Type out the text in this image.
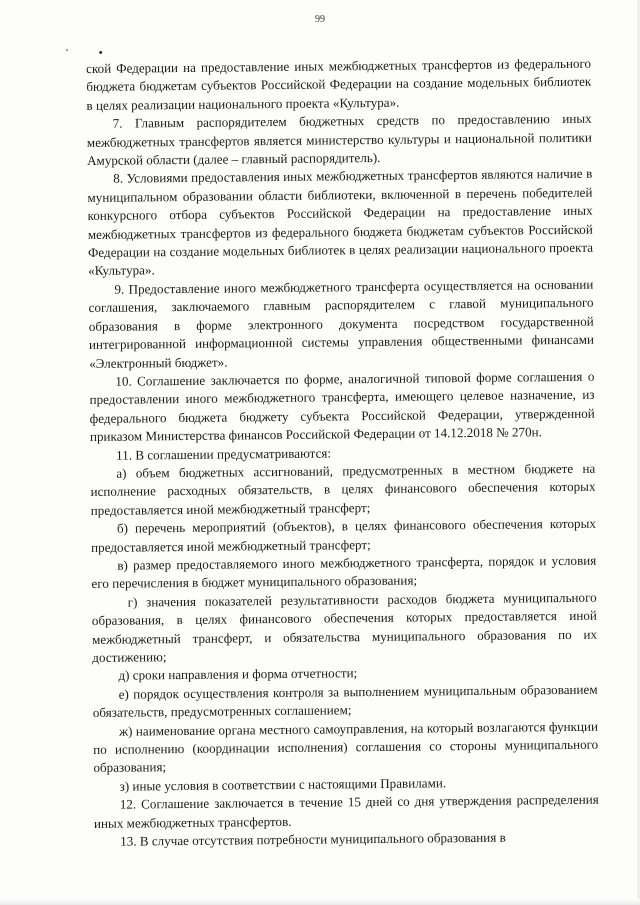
99
'	•

ской Федерации на предоставление иных межбюджетных трансфертов из федерального бюджета бюджетам субъектов Российской Федерации на создание модельных библиотек в целях реализации национального проекта «Культура».

7. Главным распорядителем бюджетных средств по предоставлению иных межбюджетных трансфертов является министерство культуры и национальной политики Амурской области (далее – главный распорядитель).

8. Условиями предоставления иных межбюджетных трансфертов являются наличие в муниципальном образовании области библиотеки, включенной в перечень победителей конкурсного отбора субъектов Российской Федерации на предоставление иных межбюджетных трансфертов из федерального бюджета бюджетам субъектов Российской Федерации на создание модельных библиотек в целях реализации национального проекта «Культура».

9. Предоставление иного межбюджетного трансферта осуществляется на основании соглашения, заключаемого главным распорядителем с главой муниципального образования в форме электронного документа посредством государственной интегрированной информационной системы управления общественными финансами «Электронный бюджет».

10. Соглашение заключается по форме, аналогичной типовой форме соглашения о предоставлении иного межбюджетного трансферта, имеющего целевое назначение, из федерального бюджета бюджету субъекта Российской Федерации, утвержденной приказом Министерства финансов Российской Федерации от 14.12.2018 № 270н.

11. В соглашении предусматриваются:

а) объем бюджетных ассигнований, предусмотренных в местном бюджете на исполнение расходных обязательств, в целях финансового обеспечения которых предоставляется иной межбюджетный трансферт;

б) перечень мероприятий (объектов), в целях финансового обеспечения которых предоставляется иной межбюджетный трансферт;

в) размер предоставляемого иного межбюджетного трансферта, порядок и условия его перечисления в бюджет муниципального образования;

г) значения показателей результативности расходов бюджета муниципального образования, в целях финансового обеспечения которых предоставляется иной межбюджетный трансферт, и обязательства муниципального образования по их достижению;

д) сроки направления и форма отчетности;

е) порядок осуществления контроля за выполнением муниципальным образованием обязательств, предусмотренных соглашением;

ж) наименование органа местного самоуправления, на который возлагаются функции по исполнению (координации исполнения) соглашения со стороны муниципального образования;

з) иные условия в соответствии с настоящими Правилами.

12. Соглашение заключается в течение 15 дней со дня утверждения распределения иных межбюджетных трансфертов.

13. В случае отсутствия потребности муниципального образования в
